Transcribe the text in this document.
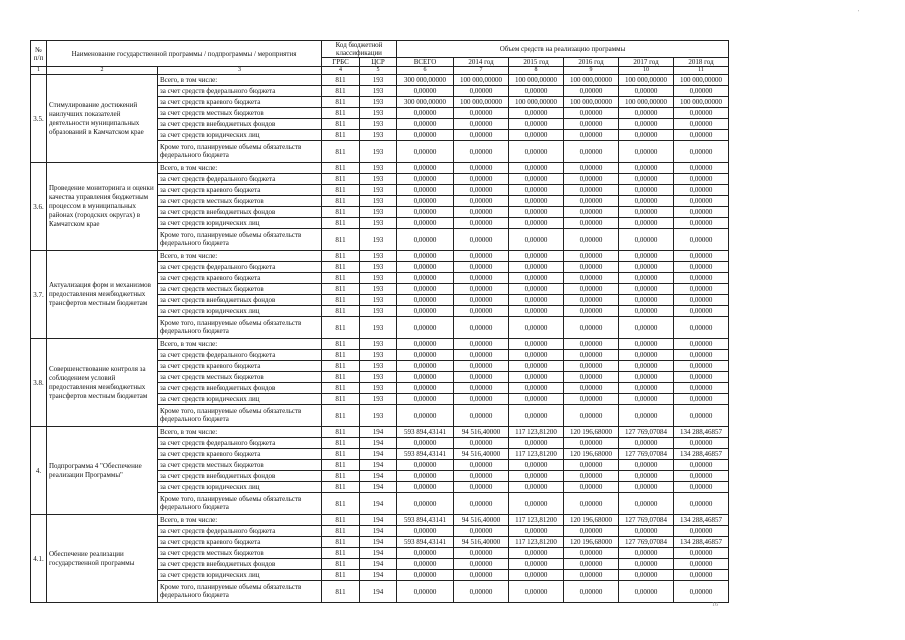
№ п/п	Наименование государственной программы / подпрограммы / мероприятия		Код бюджетной классификации		Объем средств на реализацию программы					
			ГРБС	ЦСР	ВСЕГО	2014 год	2015 год	2016 год	2017 год	2018 год
1	2	3	4	5	6	7	8	9	10	11
3.5.	Стимулирование достижений наилучших показателей деятельности муниципальных образований в Камчатском крае	Всего, в том числе:	811	193	300 000,00000	100 000,00000	100 000,00000	100 000,00000	100 000,00000	100 000,00000
		за счет средств федерального бюджета	811	193	0,00000	0,00000	0,00000	0,00000	0,00000	0,00000
		за счет средств краевого бюджета	811	193	300 000,00000	100 000,00000	100 000,00000	100 000,00000	100 000,00000	100 000,00000
		за счет средств местных бюджетов	811	193	0,00000	0,00000	0,00000	0,00000	0,00000	0,00000
		за счет средств внебюджетных фондов	811	193	0,00000	0,00000	0,00000	0,00000	0,00000	0,00000
		за счет средств юридических лиц	811	193	0,00000	0,00000	0,00000	0,00000	0,00000	0,00000
		Кроме того, планируемые объемы обязательств федерального бюджета	811	193	0,00000	0,00000	0,00000	0,00000	0,00000	0,00000
3.6.	Проведение мониторинга и оценки качества управления бюджетным процессом в муниципальных районах (городских округах) в Камчатском крае	Всего, в том числе:	811	193	0,00000	0,00000	0,00000	0,00000	0,00000	0,00000
		за счет средств федерального бюджета	811	193	0,00000	0,00000	0,00000	0,00000	0,00000	0,00000
		за счет средств краевого бюджета	811	193	0,00000	0,00000	0,00000	0,00000	0,00000	0,00000
		за счет средств местных бюджетов	811	193	0,00000	0,00000	0,00000	0,00000	0,00000	0,00000
		за счет средств внебюджетных фондов	811	193	0,00000	0,00000	0,00000	0,00000	0,00000	0,00000
		за счет средств юридических лиц	811	193	0,00000	0,00000	0,00000	0,00000	0,00000	0,00000
		Кроме того, планируемые объемы обязательств федерального бюджета	811	193	0,00000	0,00000	0,00000	0,00000	0,00000	0,00000
3.7.	Актуализация форм и механизмов предоставления межбюджетных трансфертов местным бюджетам	Всего, в том числе:	811	193	0,00000	0,00000	0,00000	0,00000	0,00000	0,00000
		за счет средств федерального бюджета	811	193	0,00000	0,00000	0,00000	0,00000	0,00000	0,00000
		за счет средств краевого бюджета	811	193	0,00000	0,00000	0,00000	0,00000	0,00000	0,00000
		за счет средств местных бюджетов	811	193	0,00000	0,00000	0,00000	0,00000	0,00000	0,00000
		за счет средств внебюджетных фондов	811	193	0,00000	0,00000	0,00000	0,00000	0,00000	0,00000
		за счет средств юридических лиц	811	193	0,00000	0,00000	0,00000	0,00000	0,00000	0,00000
		Кроме того, планируемые объемы обязательств федерального бюджета	811	193	0,00000	0,00000	0,00000	0,00000	0,00000	0,00000
3.8.	Совершенствование контроля за соблюдением условий предоставления межбюджетных трансфертов местным бюджетам	Всего, в том числе:	811	193	0,00000	0,00000	0,00000	0,00000	0,00000	0,00000
		за счет средств федерального бюджета	811	193	0,00000	0,00000	0,00000	0,00000	0,00000	0,00000
		за счет средств краевого бюджета	811	193	0,00000	0,00000	0,00000	0,00000	0,00000	0,00000
		за счет средств местных бюджетов	811	193	0,00000	0,00000	0,00000	0,00000	0,00000	0,00000
		за счет средств внебюджетных фондов	811	193	0,00000	0,00000	0,00000	0,00000	0,00000	0,00000
		за счет средств юридических лиц	811	193	0,00000	0,00000	0,00000	0,00000	0,00000	0,00000
		Кроме того, планируемые объемы обязательств федерального бюджета	811	193	0,00000	0,00000	0,00000	0,00000	0,00000	0,00000
4.	Подпрограмма 4 "Обеспечение реализации Программы"	Всего, в том числе:	811	194	593 894,43141	94 516,40000	117 123,81200	120 196,68000	127 769,07084	134 288,46857
		за счет средств федерального бюджета	811	194	0,00000	0,00000	0,00000	0,00000	0,00000	0,00000
		за счет средств краевого бюджета	811	194	593 894,43141	94 516,40000	117 123,81200	120 196,68000	127 769,07084	134 288,46857
		за счет средств местных бюджетов	811	194	0,00000	0,00000	0,00000	0,00000	0,00000	0,00000
		за счет средств внебюджетных фондов	811	194	0,00000	0,00000	0,00000	0,00000	0,00000	0,00000
		за счет средств юридических лиц	811	194	0,00000	0,00000	0,00000	0,00000	0,00000	0,00000
		Кроме того, планируемые объемы обязательств федерального бюджета	811	194	0,00000	0,00000	0,00000	0,00000	0,00000	0,00000
4.1.	Обеспечение реализации государственной программы	Всего, в том числе:	811	194	593 894,43141	94 516,40000	117 123,81200	120 196,68000	127 769,07084	134 288,46857
		за счет средств федерального бюджета	811	194	0,00000	0,00000	0,00000	0,00000	0,00000	0,00000
		за счет средств краевого бюджета	811	194	593 894,43141	94 516,40000	117 123,81200	120 196,68000	127 769,07084	134 288,46857
		за счет средств местных бюджетов	811	194	0,00000	0,00000	0,00000	0,00000	0,00000	0,00000
		за счет средств внебюджетных фондов	811	194	0,00000	0,00000	0,00000	0,00000	0,00000	0,00000
		за счет средств юридических лиц	811	194	0,00000	0,00000	0,00000	0,00000	0,00000	0,00000
		Кроме того, планируемые объемы обязательств федерального бюджета	811	194	0,00000	0,00000	0,00000	0,00000	0,00000	0,00000
'
16
